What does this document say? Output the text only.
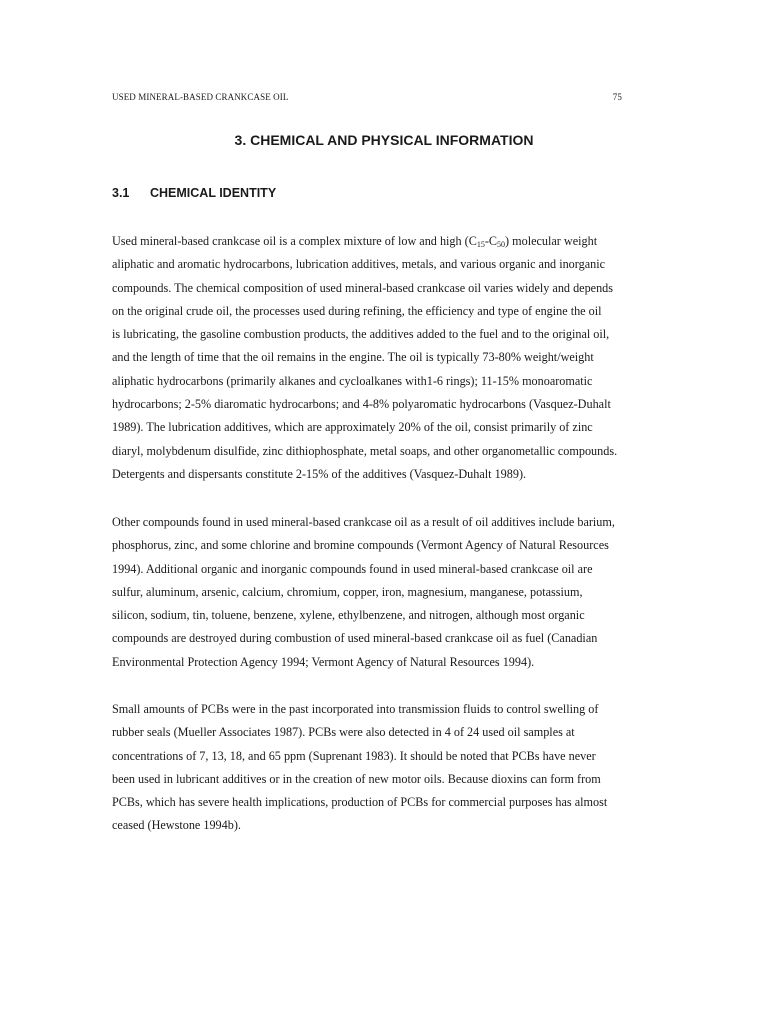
USED MINERAL-BASED CRANKCASE OIL	75
3. CHEMICAL AND PHYSICAL INFORMATION
3.1 CHEMICAL IDENTITY
Used mineral-based crankcase oil is a complex mixture of low and high $(C_{15}-C_{50})$ molecular weight
aliphatic and aromatic hydrocarbons, lubrication additives, metals, and various organic and inorganic
compounds. The chemical composition of used mineral-based crankcase oil varies widely and depends
on the original crude oil, the processes used during refining, the efficiency and type of engine the oil
is lubricating, the gasoline combustion products, the additives added to the fuel and to the original oil,
and the length of time that the oil remains in the engine. The oil is typically 73-80% weight/weight
aliphatic hydrocarbons (primarily alkanes and cycloalkanes with1-6 rings); 11-15% monoaromatic
hydrocarbons; 2-5% diaromatic hydrocarbons; and 4-8% polyaromatic hydrocarbons (Vasquez-Duhalt
1989). The lubrication additives, which are approximately 20% of the oil, consist primarily of zinc
diaryl, molybdenum disulfide, zinc dithiophosphate, metal soaps, and other organometallic compounds.
Detergents and dispersants constitute 2-15% of the additives (Vasquez-Duhalt 1989).
Other compounds found in used mineral-based crankcase oil as a result of oil additives include barium,
phosphorus, zinc, and some chlorine and bromine compounds (Vermont Agency of Natural Resources
1994). Additional organic and inorganic compounds found in used mineral-based crankcase oil are
sulfur, aluminum, arsenic, calcium, chromium, copper, iron, magnesium, manganese, potassium,
silicon, sodium, tin, toluene, benzene, xylene, ethylbenzene, and nitrogen, although most organic
compounds are destroyed during combustion of used mineral-based crankcase oil as fuel (Canadian
Environmental Protection Agency 1994; Vermont Agency of Natural Resources 1994).
Small amounts of PCBs were in the past incorporated into transmission fluids to control swelling of
rubber seals (Mueller Associates 1987). PCBs were also detected in 4 of 24 used oil samples at
concentrations of 7, 13, 18, and 65 ppm (Suprenant 1983). It should be noted that PCBs have never
been used in lubricant additives or in the creation of new motor oils. Because dioxins can form from
PCBs, which has severe health implications, production of PCBs for commercial purposes has almost
ceased (Hewstone 1994b).
